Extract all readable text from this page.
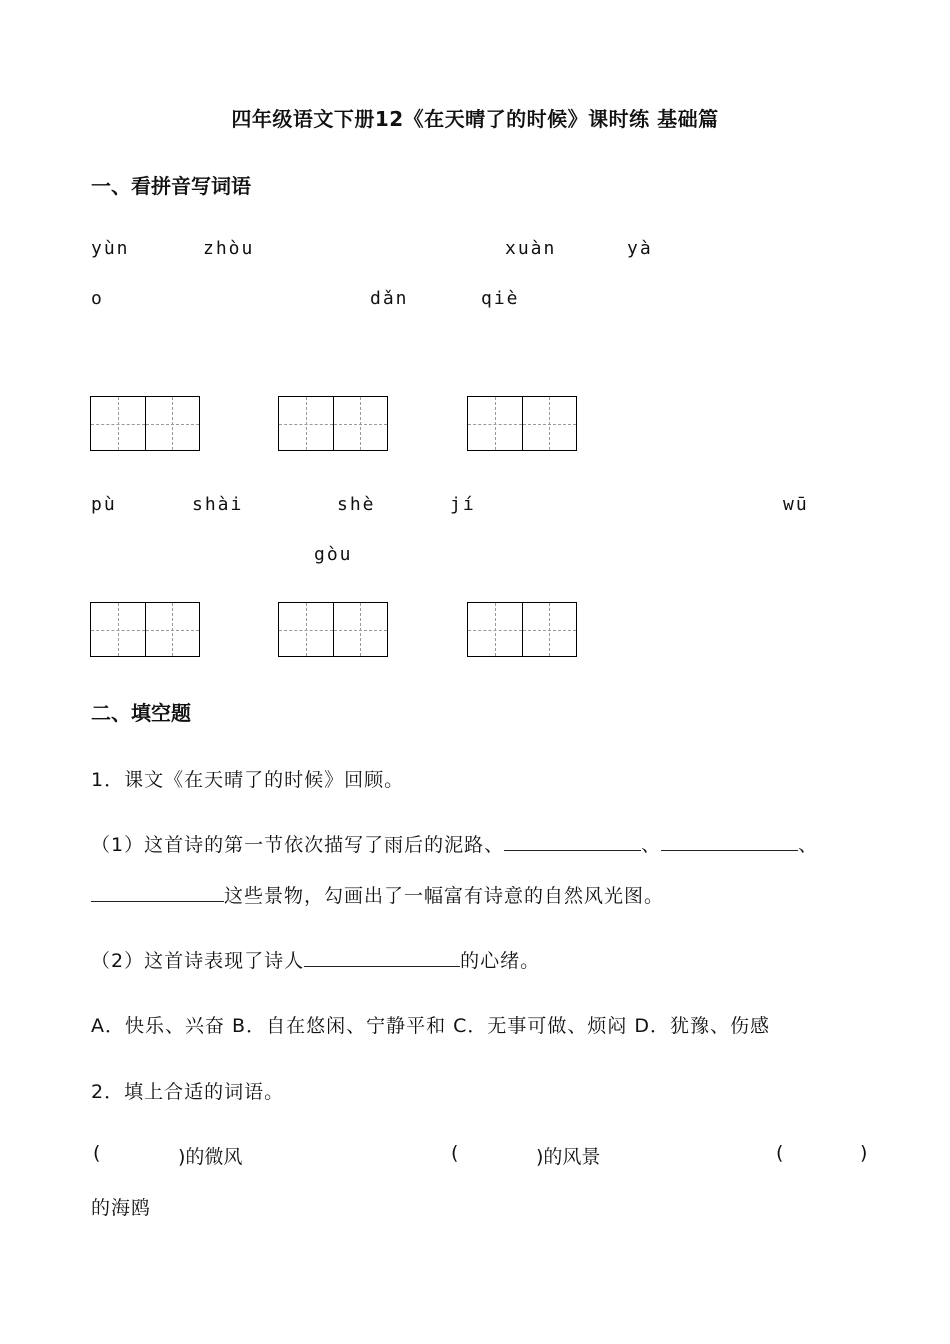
四年级语文下册12《在天晴了的时候》课时练 基础篇
一、看拼音写词语
yùn	zhòu	xuàn	yà
o	dǎn	qiè
pù	shài	shè	jí	wū
gòu
二、填空题
1．课文《在天晴了的时候》回顾。
（1）这首诗的第一节依次描写了雨后的泥路、	、	、
这些景物，勾画出了一幅富有诗意的自然风光图。
（2）这首诗表现了诗人	的心绪。
A．快乐、兴奋 B．自在悠闲、宁静平和 C．无事可做、烦闷 D．犹豫、伤感
2．填上合适的词语。
(	)的微风	(	)的风景	(	)
的海鸥
